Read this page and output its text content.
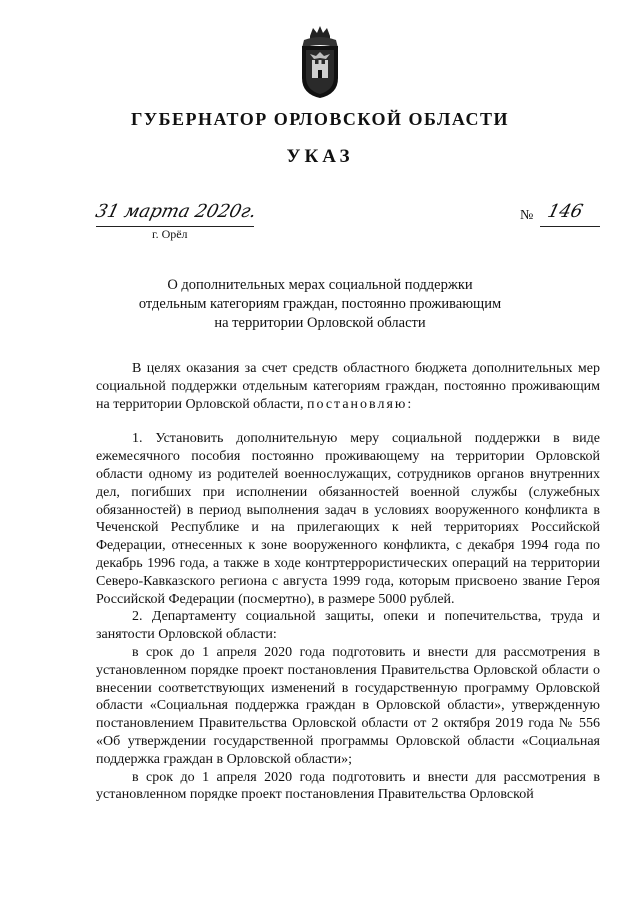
ГУБЕРНАТОР ОРЛОВСКОЙ ОБЛАСТИ
УКАЗ
31 марта 2020г.
г. Орёл
№ 146
О дополнительных мерах социальной поддержки
отдельным категориям граждан, постоянно проживающим
на территории Орловской области

В целях оказания за счет средств областного бюджета дополнительных мер социальной поддержки отдельным категориям граждан, постоянно проживающим на территории Орловской области, постановляю:

1. Установить дополнительную меру социальной поддержки в виде ежемесячного пособия постоянно проживающему на территории Орловской области одному из родителей военнослужащих, сотрудников органов внутренних дел, погибших при исполнении обязанностей военной службы (служебных обязанностей) в период выполнения задач в условиях вооруженного конфликта в Чеченской Республике и на прилегающих к ней территориях Российской Федерации, отнесенных к зоне вооруженного конфликта, с декабря 1994 года по декабрь 1996 года, а также в ходе контртеррористических операций на территории Северо-Кавказского региона с августа 1999 года, которым присвоено звание Героя Российской Федерации (посмертно), в размере 5000 рублей.

2. Департаменту социальной защиты, опеки и попечительства, труда и занятости Орловской области:

в срок до 1 апреля 2020 года подготовить и внести для рассмотрения в установленном порядке проект постановления Правительства Орловской области о внесении соответствующих изменений в государственную программу Орловской области «Социальная поддержка граждан в Орловской области», утвержденную постановлением Правительства Орловской области от 2 октября 2019 года № 556 «Об утверждении государственной программы Орловской области «Социальная поддержка граждан в Орловской области»;

в срок до 1 апреля 2020 года подготовить и внести для рассмотрения в установленном порядке проект постановления Правительства Орловской
